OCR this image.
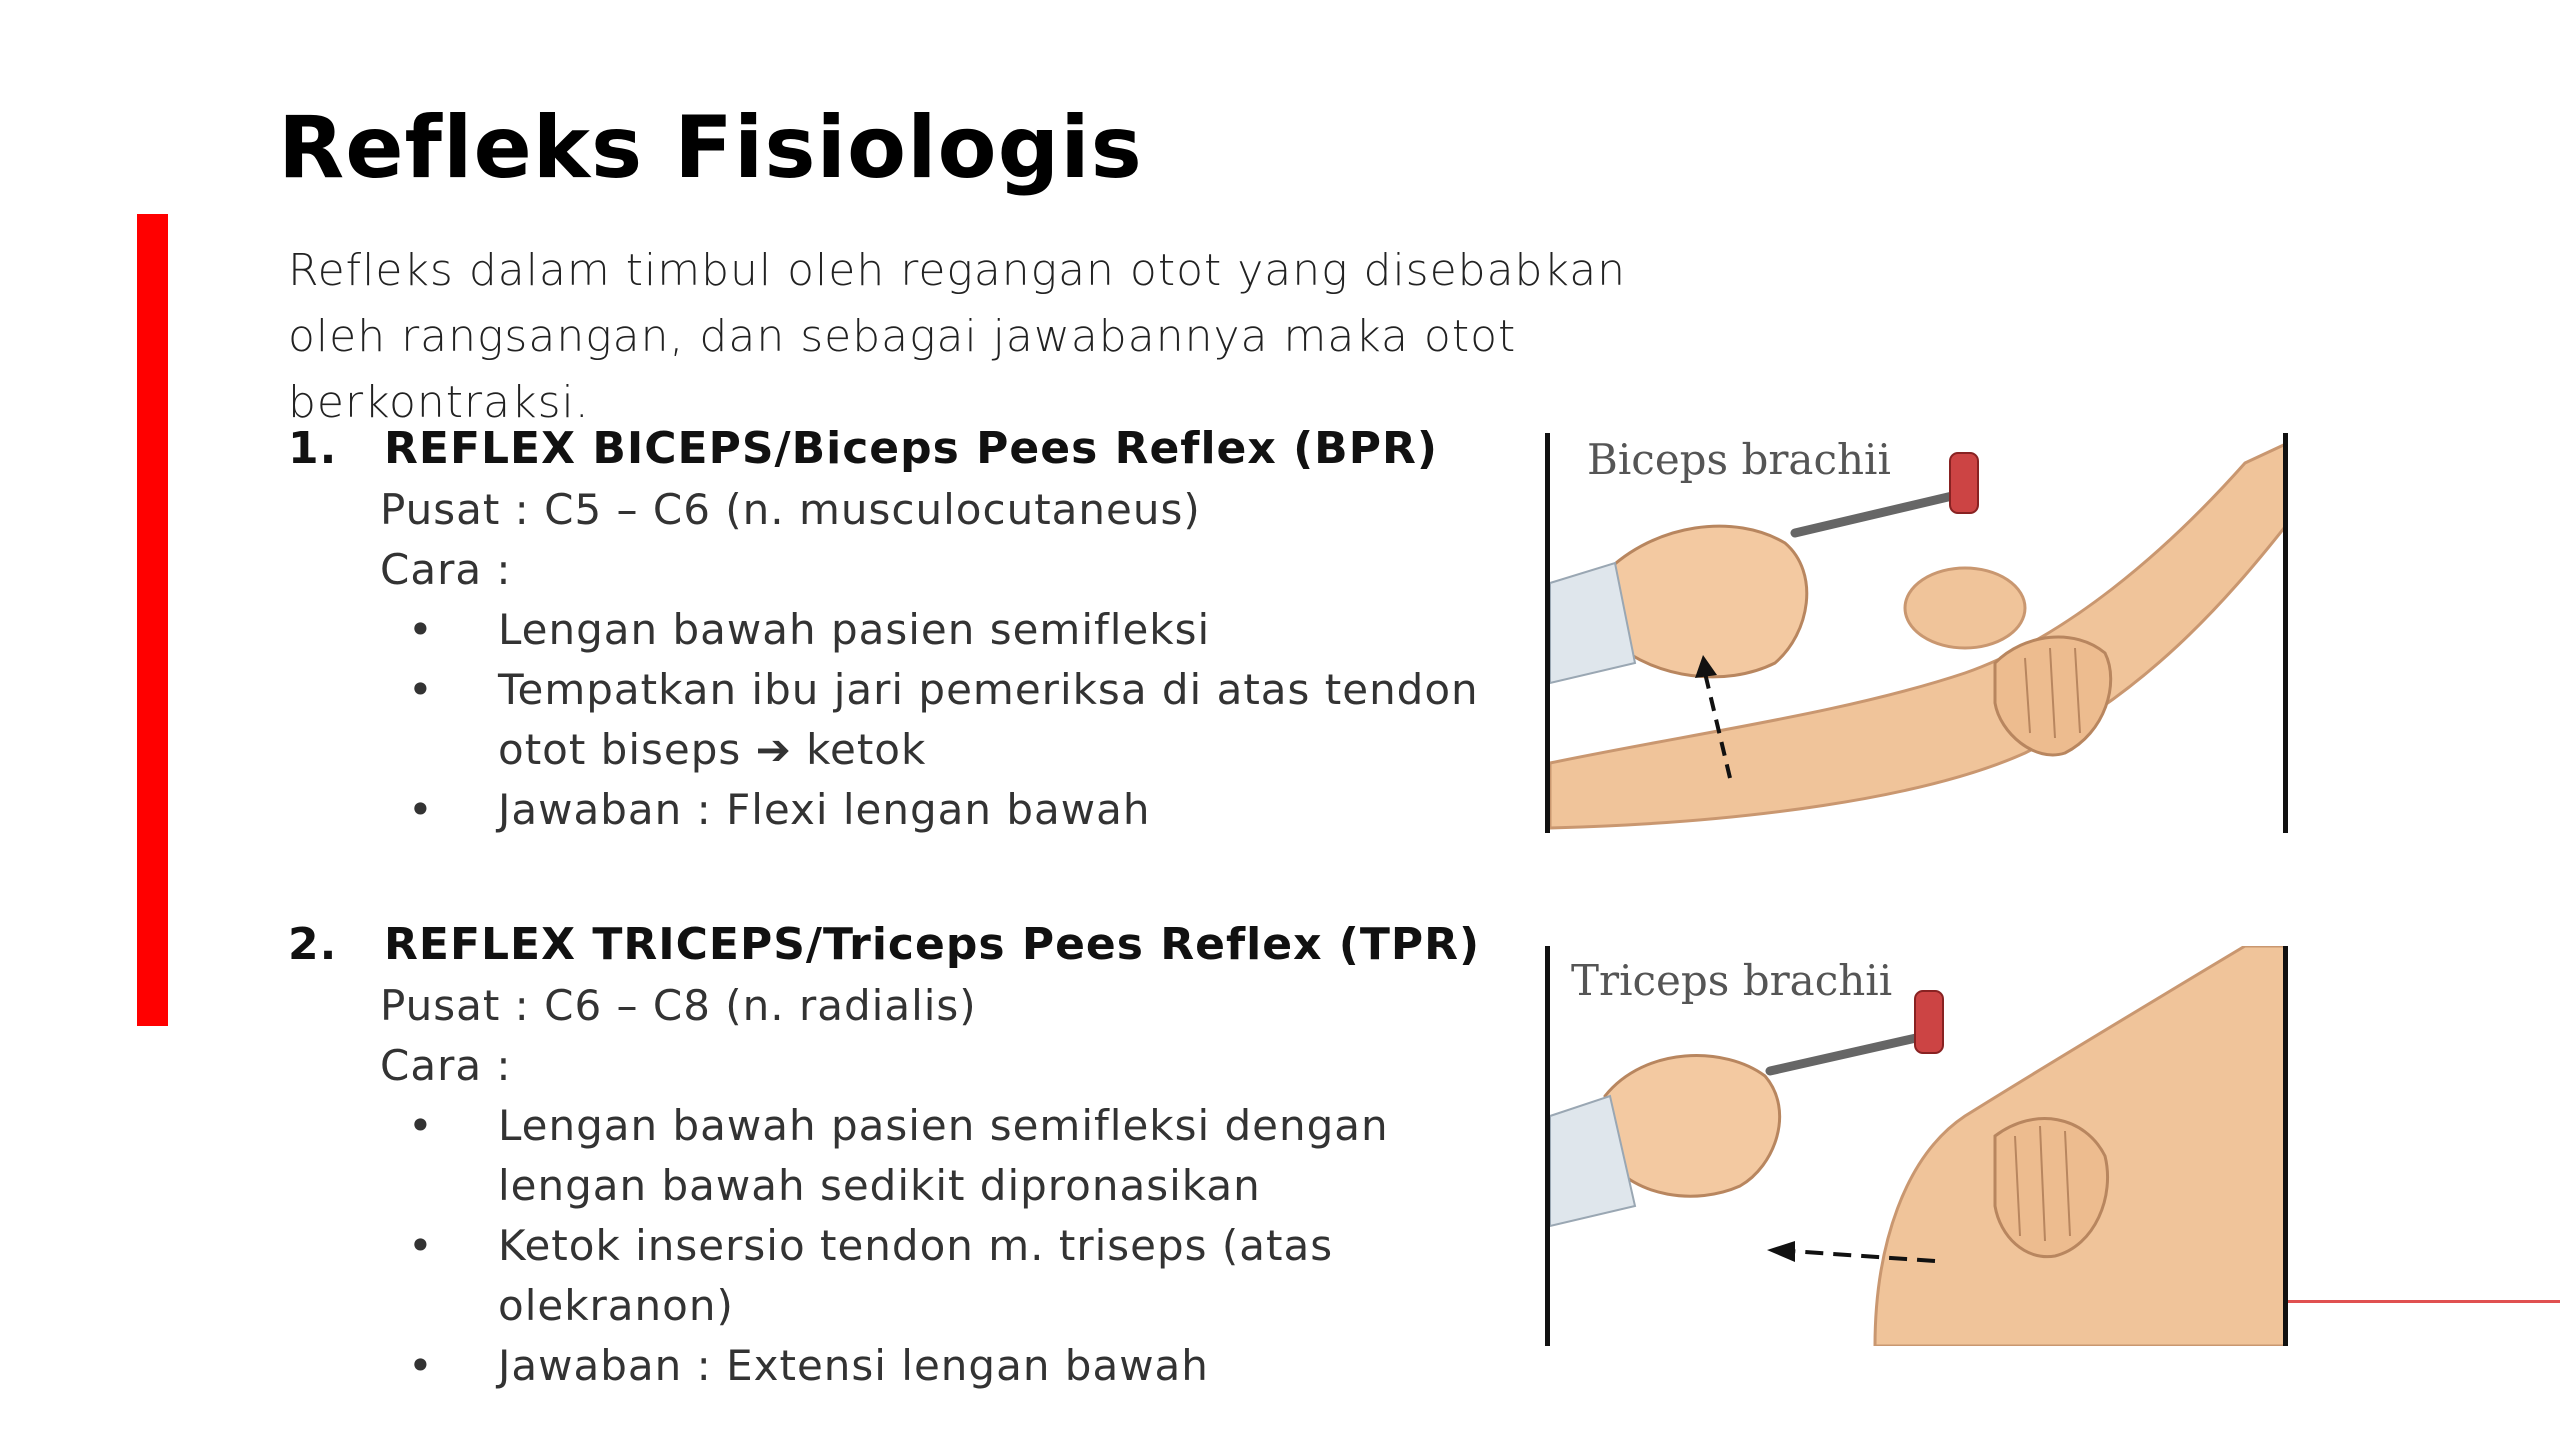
Refleks Fisiologis

Refleks dalam timbul oleh regangan otot yang disebabkan oleh rangsangan, dan sebagai jawabannya maka otot berkontraksi.

1. REFLEX BICEPS/Biceps Pees Reflex (BPR)
Pusat : C5 – C6 (n. musculocutaneus)
Cara :
• Lengan bawah pasien semifleksi
• Tempatkan ibu jari pemeriksa di atas tendon otot biseps ➔ ketok
• Jawaban : Flexi lengan bawah
2. REFLEX TRICEPS/Triceps Pees Reflex (TPR)
Pusat : C6 – C8 (n. radialis)
Cara :
• Lengan bawah pasien semifleksi dengan lengan bawah sedikit dipronasikan
• Ketok insersio tendon m. triseps (atas olekranon)
• Jawaban : Extensi lengan bawah
Biceps brachii
Triceps brachii
